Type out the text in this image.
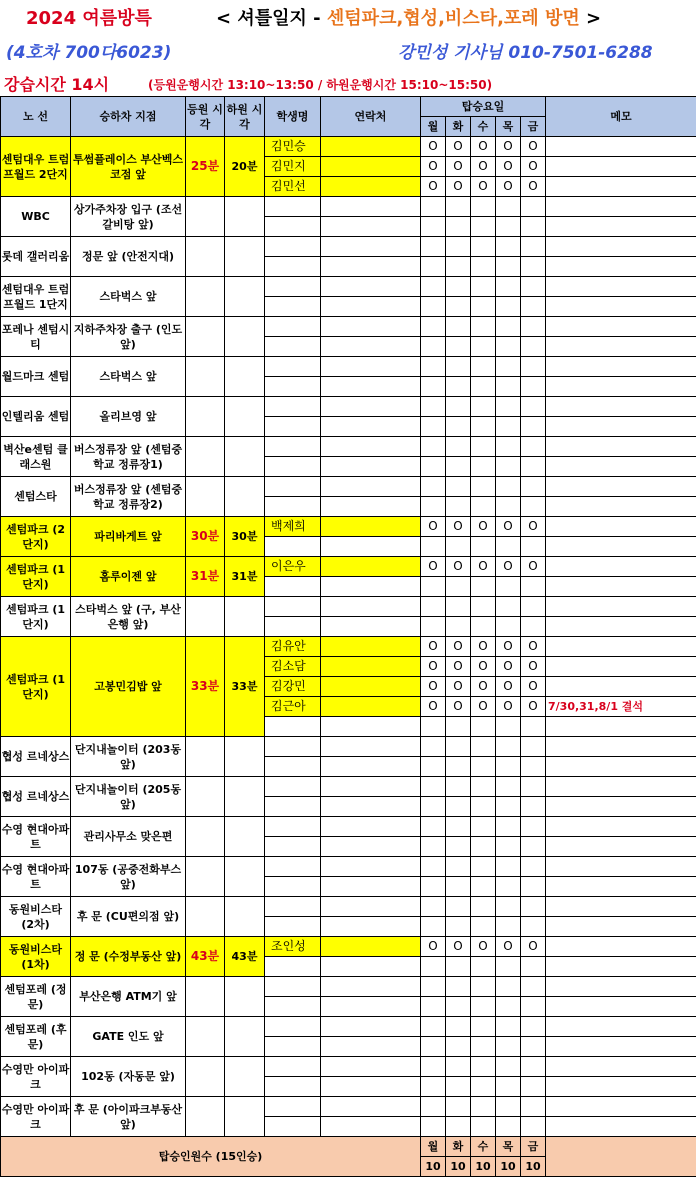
2024 여름방특	< 셔틀일지 - 센텀파크,협성,비스타,포레 방면 >
(4호차 700다6023)	강민성 기사님 010-7501-6288
강습시간 14시	(등원운행시간 13:10~13:50 / 하원운행시간 15:10~15:50)
노 선	승하차 지점	등원 시각	하원 시각	학생명	연락처	탑승요일					메모
						월	화	수	목	금	
센텀대우 트럼프월드 2단지	투썸플레이스 부산벡스코점 앞	25분	20분	김민승		O	O	O	O	O	
				김민지		O	O	O	O	O	
				김민선		O	O	O	O	O	
WBC	상가주차장 입구 (조선갈비탕 앞)										

롯데 갤러리움	정문 앞 (안전지대)										

센텀대우 트럼프월드 1단지	스타벅스 앞										

포레나 센텀시티	지하주차장 출구 (인도 앞)										

월드마크 센텀	스타벅스 앞										

인텔리움 센텀	올리브영 앞										

벽산e센텀 클래스원	버스정류장 앞 (센텀중학교 정류장1)										

센텀스타	버스정류장 앞 (센텀중학교 정류장2)										

센텀파크 (2단지)	파리바게트 앞	30분	30분	백제희		O	O	O	O	O	

센텀파크 (1단지)	홈루이젠 앞	31분	31분	이은우		O	O	O	O	O	

센텀파크 (1단지)	스타벅스 앞 (구, 부산은행 앞)										

센텀파크 (1단지)	고봉민김밥 앞	33분	33분	김유안		O	O	O	O	O	
				김소담		O	O	O	O	O	
				김강민		O	O	O	O	O	
				김근아		O	O	O	O	O	7/30,31,8/1 결석

협성 르네상스	단지내놀이터 (203동 앞)										

협성 르네상스	단지내놀이터 (205동 앞)										

수영 현대아파트	관리사무소 맞은편										

수영 현대아파트	107동 (공중전화부스 앞)										

동원비스타 (2차)	후 문 (CU편의점 앞)										

동원비스타 (1차)	정 문 (수정부동산 앞)	43분	43분	조인성		O	O	O	O	O	

센텀포레 (정문)	부산은행 ATM기 앞										

센텀포레 (후문)	GATE 인도 앞										

수영만 아이파크	102동 (자동문 앞)										

수영만 아이파크	후 문 (아이파크부동산앞)										

탑승인원수 (15인승)						월	화	수	목	금	
						10	10	10	10	10	
